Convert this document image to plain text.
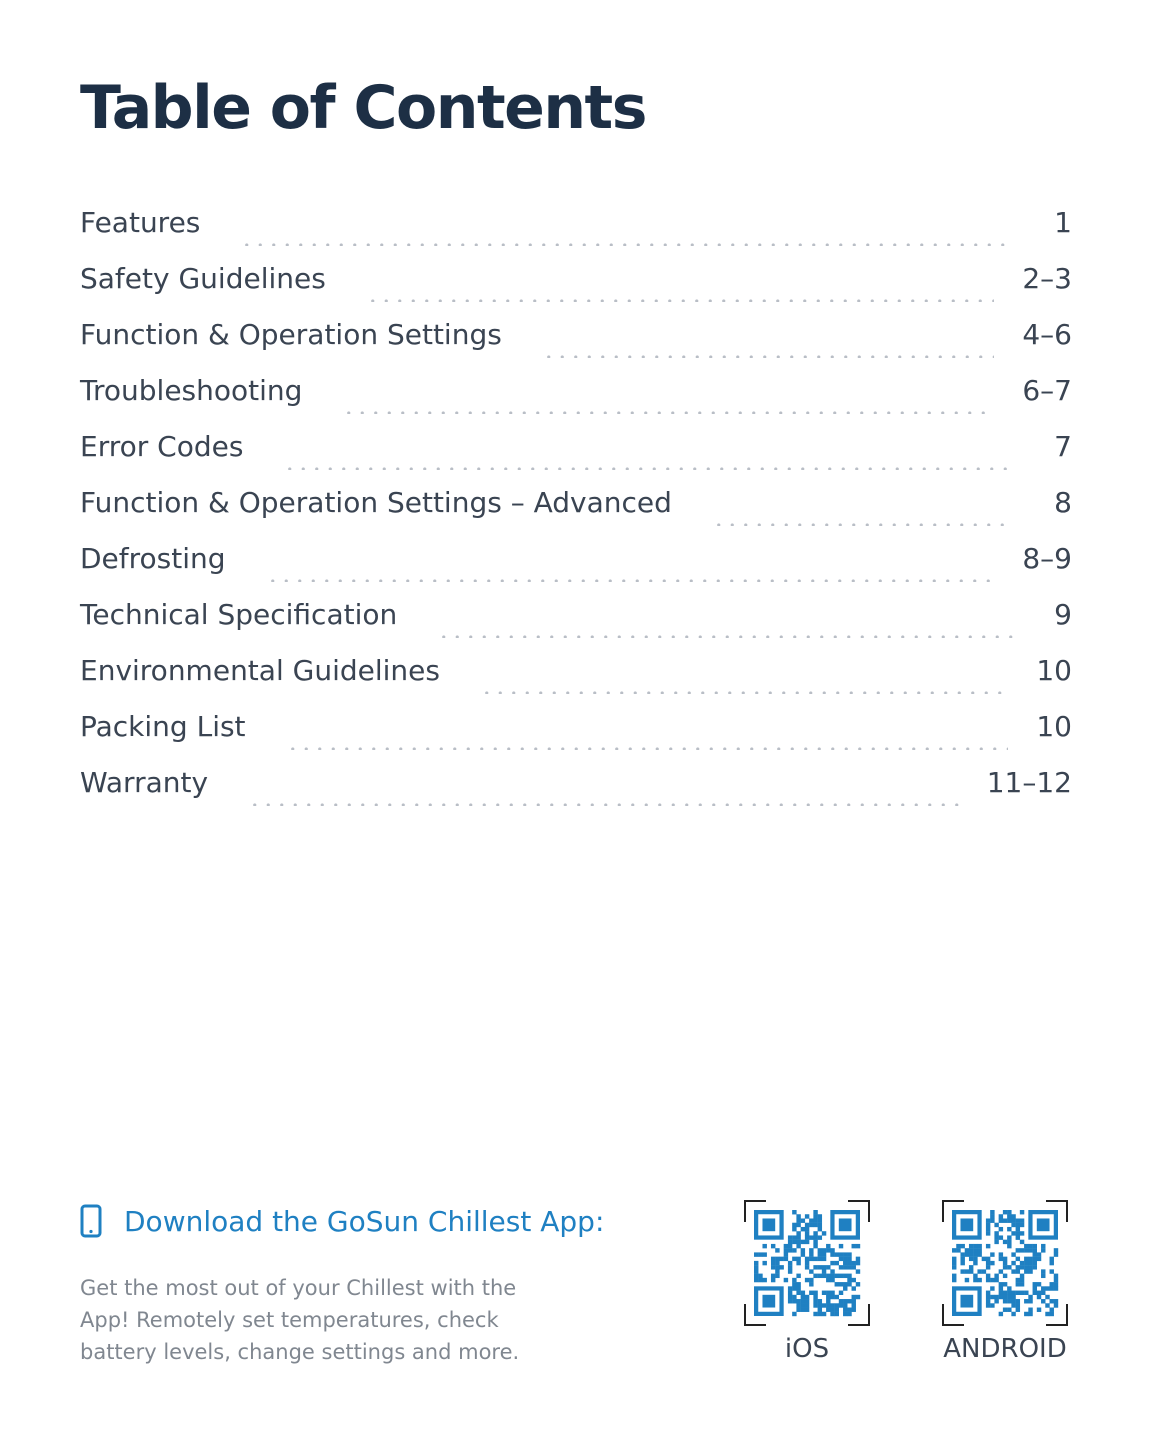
Table of Contents
Features	1
Safety Guidelines	2–3
Function & Operation Settings	4–6
Troubleshooting	6–7
Error Codes	7
Function & Operation Settings – Advanced	8
Defrosting	8–9
Technical Specification	9
Environmental Guidelines	10
Packing List	10
Warranty	11–12
Download the GoSun Chillest App:

Get the most out of your Chillest with the App! Remotely set temperatures, check battery levels, change settings and more.	iOS	ANDROID
